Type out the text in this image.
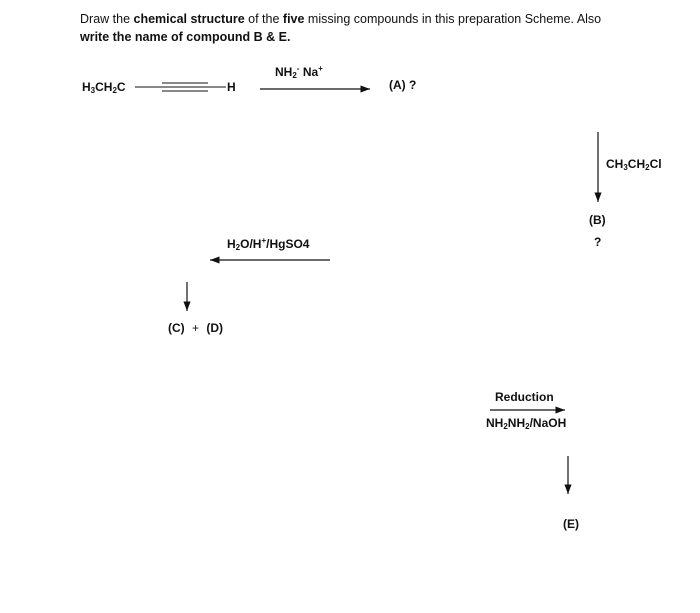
Draw the chemical structure of the five missing compounds in this preparation Scheme. Also
write the name of compound B & E.
$H_3CH_2C$	H
$NH_2^-$ Na+
(A) ?
$CH_3CH_2Cl$
(B)
?
$H_2O/H^+/HgSO4$
(C) + (D)
Reduction
$NH_2NH_2$/NaOH
(E)
